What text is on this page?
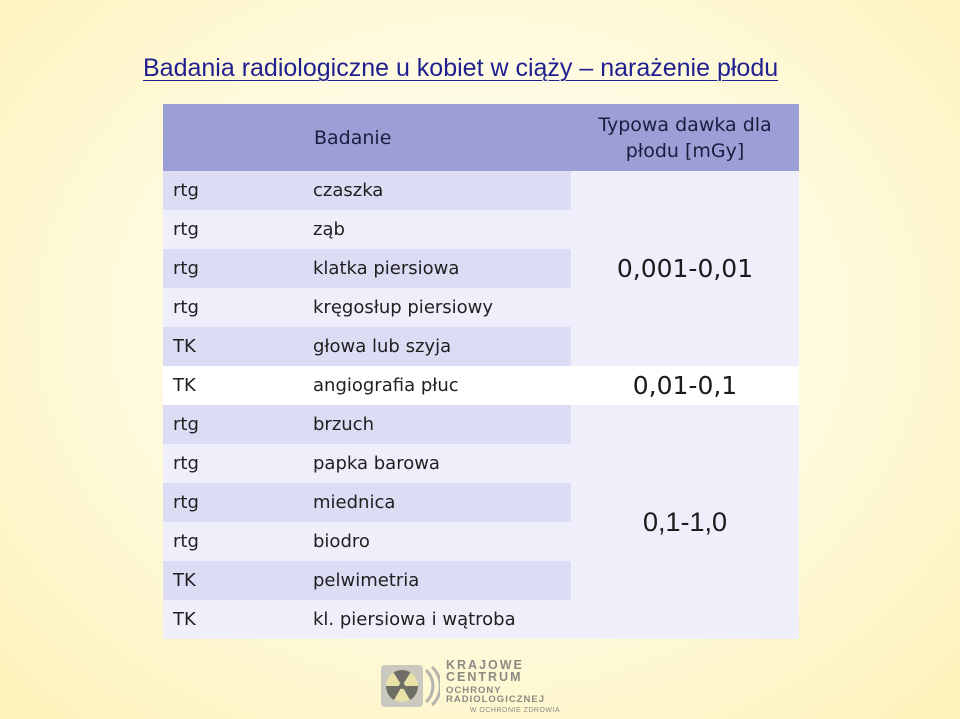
Badania radiologiczne u kobiet w ciąży – narażenie płodu
	Badanie	Typowa dawka dla płodu [mGy]
rtg	czaszka	0,001-0,01
rtg	ząb	
rtg	klatka piersiowa	
rtg	kręgosłup piersiowy	
TK	głowa lub szyja	
TK	angiografia płuc	0,01-0,1
rtg	brzuch	0,1-1,0
rtg	papka barowa	
rtg	miednica	
rtg	biodro	
TK	pelwimetria	
TK	kl. piersiowa i wątroba	
KRAJOWE CENTRUM
OCHRONY RADIOLOGICZNEJ
W OCHRONIE ZDROWIA
